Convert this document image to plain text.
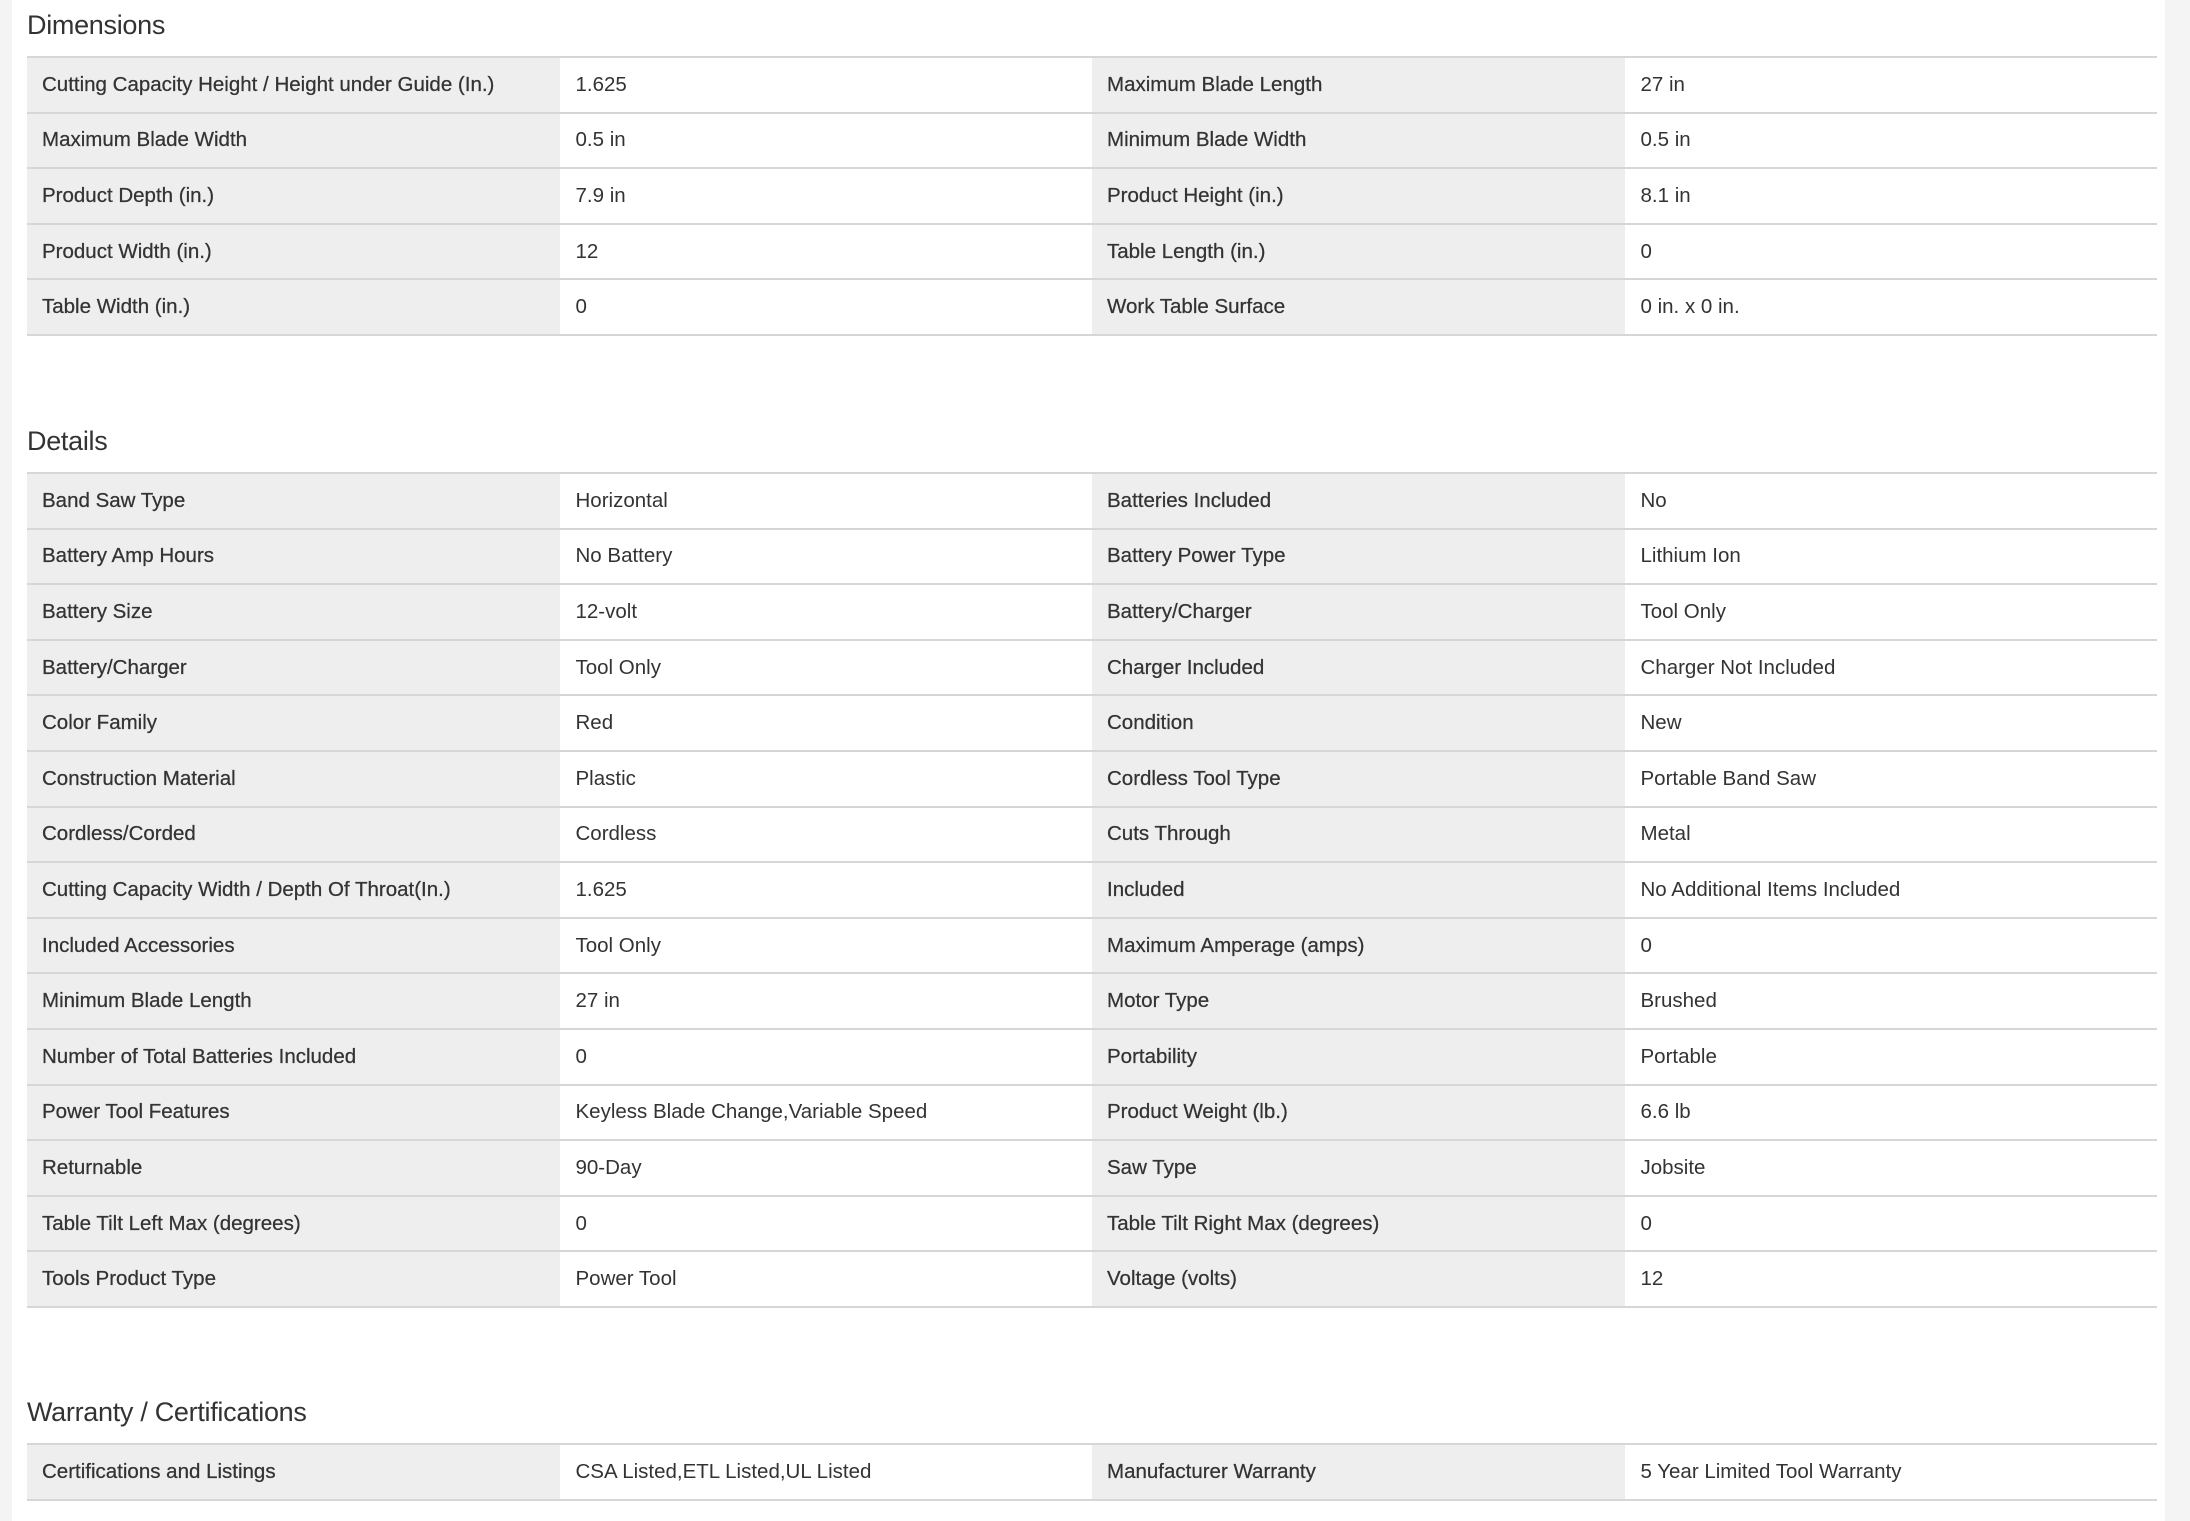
Dimensions
Cutting Capacity Height / Height under Guide (In.)	1.625	Maximum Blade Length	27 in
Maximum Blade Width	0.5 in	Minimum Blade Width	0.5 in
Product Depth (in.)	7.9 in	Product Height (in.)	8.1 in
Product Width (in.)	12	Table Length (in.)	0
Table Width (in.)	0	Work Table Surface	0 in. x 0 in.
Details
Band Saw Type	Horizontal	Batteries Included	No
Battery Amp Hours	No Battery	Battery Power Type	Lithium Ion
Battery Size	12-volt	Battery/Charger	Tool Only
Battery/Charger	Tool Only	Charger Included	Charger Not Included
Color Family	Red	Condition	New
Construction Material	Plastic	Cordless Tool Type	Portable Band Saw
Cordless/Corded	Cordless	Cuts Through	Metal
Cutting Capacity Width / Depth Of Throat(In.)	1.625	Included	No Additional Items Included
Included Accessories	Tool Only	Maximum Amperage (amps)	0
Minimum Blade Length	27 in	Motor Type	Brushed
Number of Total Batteries Included	0	Portability	Portable
Power Tool Features	Keyless Blade Change,Variable Speed	Product Weight (lb.)	6.6 lb
Returnable	90-Day	Saw Type	Jobsite
Table Tilt Left Max (degrees)	0	Table Tilt Right Max (degrees)	0
Tools Product Type	Power Tool	Voltage (volts)	12
Warranty / Certifications
Certifications and Listings	CSA Listed,ETL Listed,UL Listed	Manufacturer Warranty	5 Year Limited Tool Warranty
